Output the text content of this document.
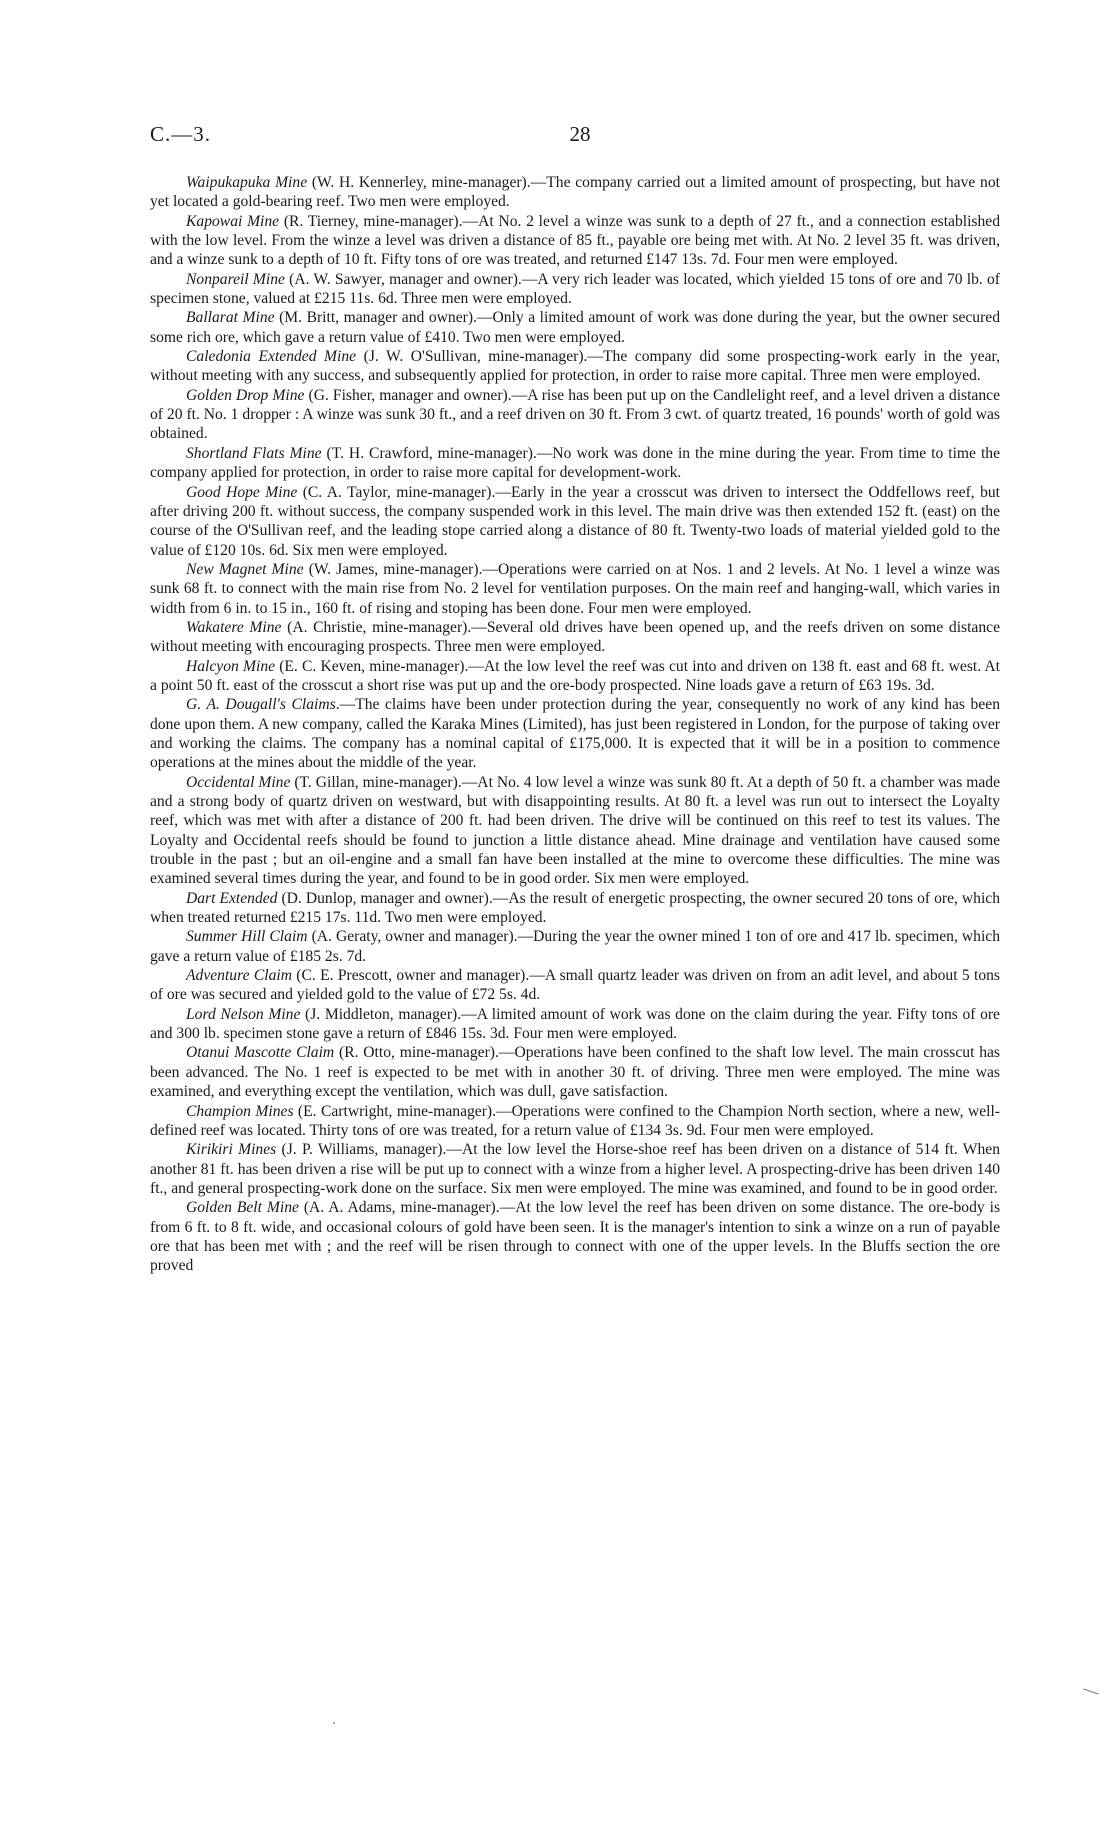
C.—3.	28

Waipukapuka Mine (W. H. Kennerley, mine-manager).—The company carried out a limited amount of prospecting, but have not yet located a gold-bearing reef. Two men were employed.

Kapowai Mine (R. Tierney, mine-manager).—At No. 2 level a winze was sunk to a depth of 27 ft., and a connection established with the low level. From the winze a level was driven a distance of 85 ft., payable ore being met with. At No. 2 level 35 ft. was driven, and a winze sunk to a depth of 10 ft. Fifty tons of ore was treated, and returned £147 13s. 7d. Four men were employed.

Nonpareil Mine (A. W. Sawyer, manager and owner).—A very rich leader was located, which yielded 15 tons of ore and 70 lb. of specimen stone, valued at £215 11s. 6d. Three men were employed.

Ballarat Mine (M. Britt, manager and owner).—Only a limited amount of work was done during the year, but the owner secured some rich ore, which gave a return value of £410. Two men were employed.

Caledonia Extended Mine (J. W. O'Sullivan, mine-manager).—The company did some prospecting-work early in the year, without meeting with any success, and subsequently applied for protection, in order to raise more capital. Three men were employed.

Golden Drop Mine (G. Fisher, manager and owner).—A rise has been put up on the Candlelight reef, and a level driven a distance of 20 ft. No. 1 dropper : A winze was sunk 30 ft., and a reef driven on 30 ft. From 3 cwt. of quartz treated, 16 pounds' worth of gold was obtained.

Shortland Flats Mine (T. H. Crawford, mine-manager).—No work was done in the mine during the year. From time to time the company applied for protection, in order to raise more capital for development-work.

Good Hope Mine (C. A. Taylor, mine-manager).—Early in the year a crosscut was driven to intersect the Oddfellows reef, but after driving 200 ft. without success, the company suspended work in this level. The main drive was then extended 152 ft. (east) on the course of the O'Sullivan reef, and the leading stope carried along a distance of 80 ft. Twenty-two loads of material yielded gold to the value of £120 10s. 6d. Six men were employed.

New Magnet Mine (W. James, mine-manager).—Operations were carried on at Nos. 1 and 2 levels. At No. 1 level a winze was sunk 68 ft. to connect with the main rise from No. 2 level for ventilation purposes. On the main reef and hanging-wall, which varies in width from 6 in. to 15 in., 160 ft. of rising and stoping has been done. Four men were employed.

Wakatere Mine (A. Christie, mine-manager).—Several old drives have been opened up, and the reefs driven on some distance without meeting with encouraging prospects. Three men were employed.

Halcyon Mine (E. C. Keven, mine-manager).—At the low level the reef was cut into and driven on 138 ft. east and 68 ft. west. At a point 50 ft. east of the crosscut a short rise was put up and the ore-body prospected. Nine loads gave a return of £63 19s. 3d.

G. A. Dougall's Claims.—The claims have been under protection during the year, consequently no work of any kind has been done upon them. A new company, called the Karaka Mines (Limited), has just been registered in London, for the purpose of taking over and working the claims. The company has a nominal capital of £175,000. It is expected that it will be in a position to commence operations at the mines about the middle of the year.

Occidental Mine (T. Gillan, mine-manager).—At No. 4 low level a winze was sunk 80 ft. At a depth of 50 ft. a chamber was made and a strong body of quartz driven on westward, but with disappointing results. At 80 ft. a level was run out to intersect the Loyalty reef, which was met with after a distance of 200 ft. had been driven. The drive will be continued on this reef to test its values. The Loyalty and Occidental reefs should be found to junction a little distance ahead. Mine drainage and ventilation have caused some trouble in the past ; but an oil-engine and a small fan have been installed at the mine to overcome these difficulties. The mine was examined several times during the year, and found to be in good order. Six men were employed.

Dart Extended (D. Dunlop, manager and owner).—As the result of energetic prospecting, the owner secured 20 tons of ore, which when treated returned £215 17s. 11d. Two men were employed.

Summer Hill Claim (A. Geraty, owner and manager).—During the year the owner mined 1 ton of ore and 417 lb. specimen, which gave a return value of £185 2s. 7d.

Adventure Claim (C. E. Prescott, owner and manager).—A small quartz leader was driven on from an adit level, and about 5 tons of ore was secured and yielded gold to the value of £72 5s. 4d.

Lord Nelson Mine (J. Middleton, manager).—A limited amount of work was done on the claim during the year. Fifty tons of ore and 300 lb. specimen stone gave a return of £846 15s. 3d. Four men were employed.

Otanui Mascotte Claim (R. Otto, mine-manager).—Operations have been confined to the shaft low level. The main crosscut has been advanced. The No. 1 reef is expected to be met with in another 30 ft. of driving. Three men were employed. The mine was examined, and everything except the ventilation, which was dull, gave satisfaction.

Champion Mines (E. Cartwright, mine-manager).—Operations were confined to the Champion North section, where a new, well-defined reef was located. Thirty tons of ore was treated, for a return value of £134 3s. 9d. Four men were employed.

Kirikiri Mines (J. P. Williams, manager).—At the low level the Horse-shoe reef has been driven on a distance of 514 ft. When another 81 ft. has been driven a rise will be put up to connect with a winze from a higher level. A prospecting-drive has been driven 140 ft., and general prospecting-work done on the surface. Six men were employed. The mine was examined, and found to be in good order.

Golden Belt Mine (A. A. Adams, mine-manager).—At the low level the reef has been driven on some distance. The ore-body is from 6 ft. to 8 ft. wide, and occasional colours of gold have been seen. It is the manager's intention to sink a winze on a run of payable ore that has been met with ; and the reef will be risen through to connect with one of the upper levels. In the Bluffs section the ore proved
